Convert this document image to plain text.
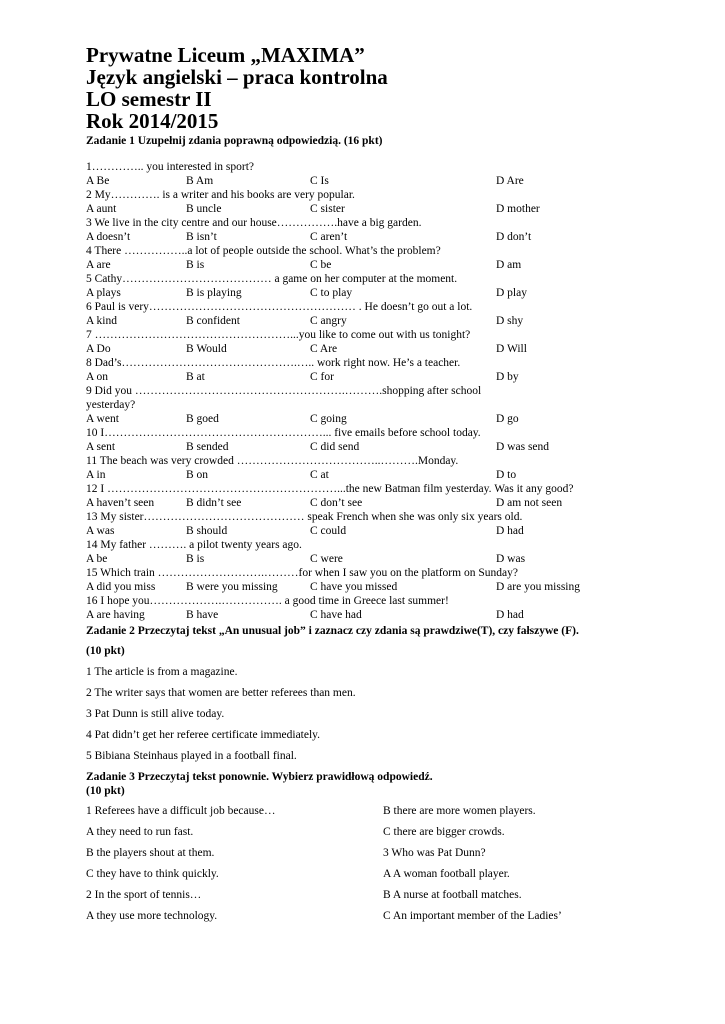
Prywatne Liceum „MAXIMA”
Język angielski – praca kontrolna
LO semestr II
Rok 2014/2015
Zadanie 1 Uzupełnij zdania poprawną odpowiedzią. (16 pkt)
1………….. you interested in sport?
A Be	B Am	C Is	D Are
2 My…………. is a writer and his books are very popular.
A aunt	B uncle	C sister	D mother
3 We live in the city centre and our house…………….have a big garden.
A doesn’t	B isn’t	C aren’t	D don’t
4 There ……………..a lot of people outside the school. What’s the problem?
A are	B is	C be	D am
5 Cathy………………………………… a game on her computer at the moment.
A plays	B is playing	C to play	D play
6 Paul is very……………………………………………… . He doesn’t go out a lot.
A kind	B confident	C angry	D shy
7 ……………………………………………...you like to come out with us tonight?
A Do	B Would	C Are	D Will
8 Dad’s……………………………………….….. work right now. He’s a teacher.
A on	B at	C for	D by
9 Did you ……………………………………………….……….shopping after school
yesterday?
A went	B goed	C going	D go
10 I…………………………………………………... five emails before school today.
A sent	B sended	C did send	D was send
11 The beach was very crowded ………………………………..……….Monday.
A in	B on	C at	D to
12 I ……………………………………………………...the new Batman film yesterday. Was it any good?
A haven’t seen	B didn’t see	C don’t see	D am not seen
13 My sister…………………………………… speak French when she was only six years old.
A was	B should	C could	D had
14 My father ………. a pilot twenty years ago.
A be	B is	C were	D was
15 Which train ……………………….………for when I saw you on the platform on Sunday?
A did you miss	B were you missing	C have you missed	D are you missing
16 I hope you……………….……………. a good time in Greece last summer!
A are having	B have	C have had	D had
Zadanie 2 Przeczytaj tekst „An unusual job” i zaznacz czy zdania są prawdziwe(T), czy fałszywe (F).
(10 pkt)
1 The article is from a magazine.
2 The writer says that women are better referees than men.
3 Pat Dunn is still alive today.
4 Pat didn’t get her referee certificate immediately.
5 Bibiana Steinhaus played in a football final.
Zadanie 3 Przeczytaj tekst ponownie. Wybierz prawidłową odpowiedź.
(10 pkt)
1 Referees have a difficult job because…
A they need to run fast.
B the players shout at them.
C they have to think quickly.
2 In the sport of tennis…
A they use more technology.
B there are more women players.
C there are bigger crowds.
3 Who was Pat Dunn?
A A woman football player.
B A nurse at football matches.
C An important member of the Ladies’
